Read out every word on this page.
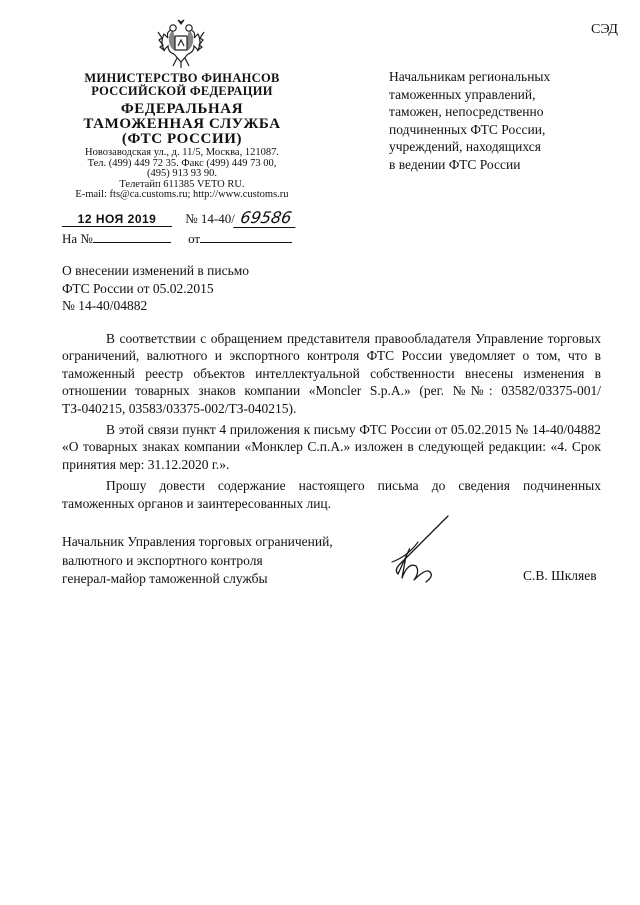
СЭД
МИНИСТЕРСТВО ФИНАНСОВ
РОССИЙСКОЙ ФЕДЕРАЦИИ
ФЕДЕРАЛЬНАЯ
ТАМОЖЕННАЯ СЛУЖБА
(ФТС РОССИИ)
Новозаводская ул., д. 11/5, Москва, 121087.
Тел. (499) 449 72 35. Факс (499) 449 73 00,
(495) 913 93 90.
Телетайп 611385 VETO RU.
E-mail: fts@ca.customs.ru; http://www.customs.ru
12 НОЯ 2019 № 14-40/ 69586
На №	от
Начальникам региональных
таможенных управлений,
таможен, непосредственно
подчиненных ФТС России,
учреждений, находящихся
в ведении ФТС России
О внесении изменений в письмо
ФТС России от 05.02.2015
№ 14-40/04882

В соответствии с обращением представителя правообладателя Управление торговых ограничений, валютного и экспортного контроля ФТС России уведомляет о том, что в таможенный реестр объектов интеллектуальной собственности внесены изменения в отношении товарных знаков компании «Moncler S.p.A.» (рег. №№: 03582/03375-001/ТЗ-040215, 03583/03375-002/ТЗ-040215).

В этой связи пункт 4 приложения к письму ФТС России от 05.02.2015 № 14-40/04882 «О товарных знаках компании «Монклер С.п.А.» изложен в следующей редакции: «4. Срок принятия мер: 31.12.2020 г.».

Прошу довести содержание настоящего письма до сведения подчиненных таможенных органов и заинтересованных лиц.

Начальник Управления торговых ограничений,
валютного и экспортного контроля
генерал-майор таможенной службы	С.В. Шкляев
